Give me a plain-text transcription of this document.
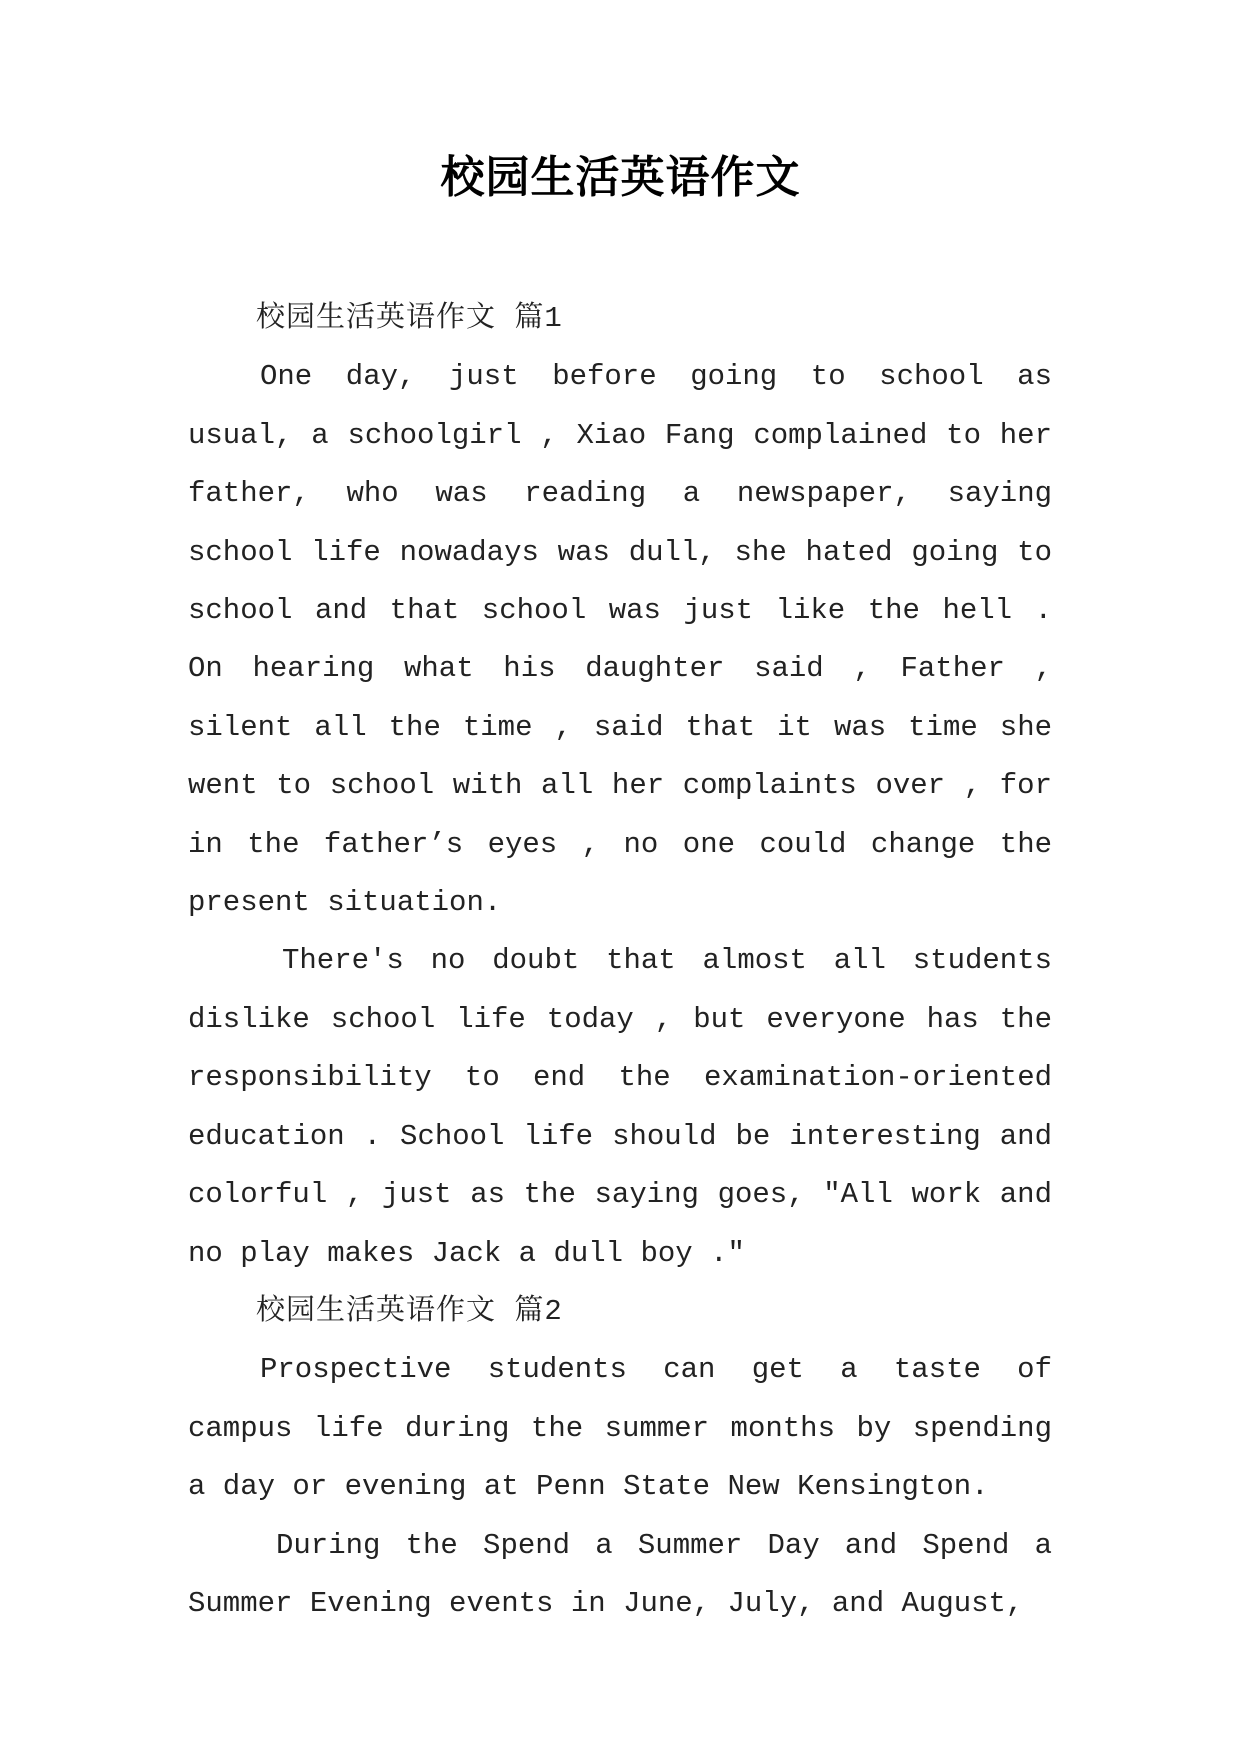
校园生活英语作文

校园生活英语作文 篇1

One day, just before going to school as usual, a schoolgirl , Xiao Fang complained to her father, who was reading a newspaper, saying school life nowadays was dull, she hated going to school and that school was just like the hell . On hearing what his daughter said , Father , silent all the time , said that it was time she went to school with all her complaints over , for in the father’s eyes , no one could change the present situation.

There's no doubt that almost all students dislike school life today , but everyone has the responsibility to end the examination-oriented education . School life should be interesting and colorful , just as the saying goes, "All work and no play makes Jack a dull boy ."

校园生活英语作文 篇2

Prospective students can get a taste of campus life during the summer months by spending a day or evening at Penn State New Kensington.

During the Spend a Summer Day and Spend a Summer Evening events in June, July, and August,
